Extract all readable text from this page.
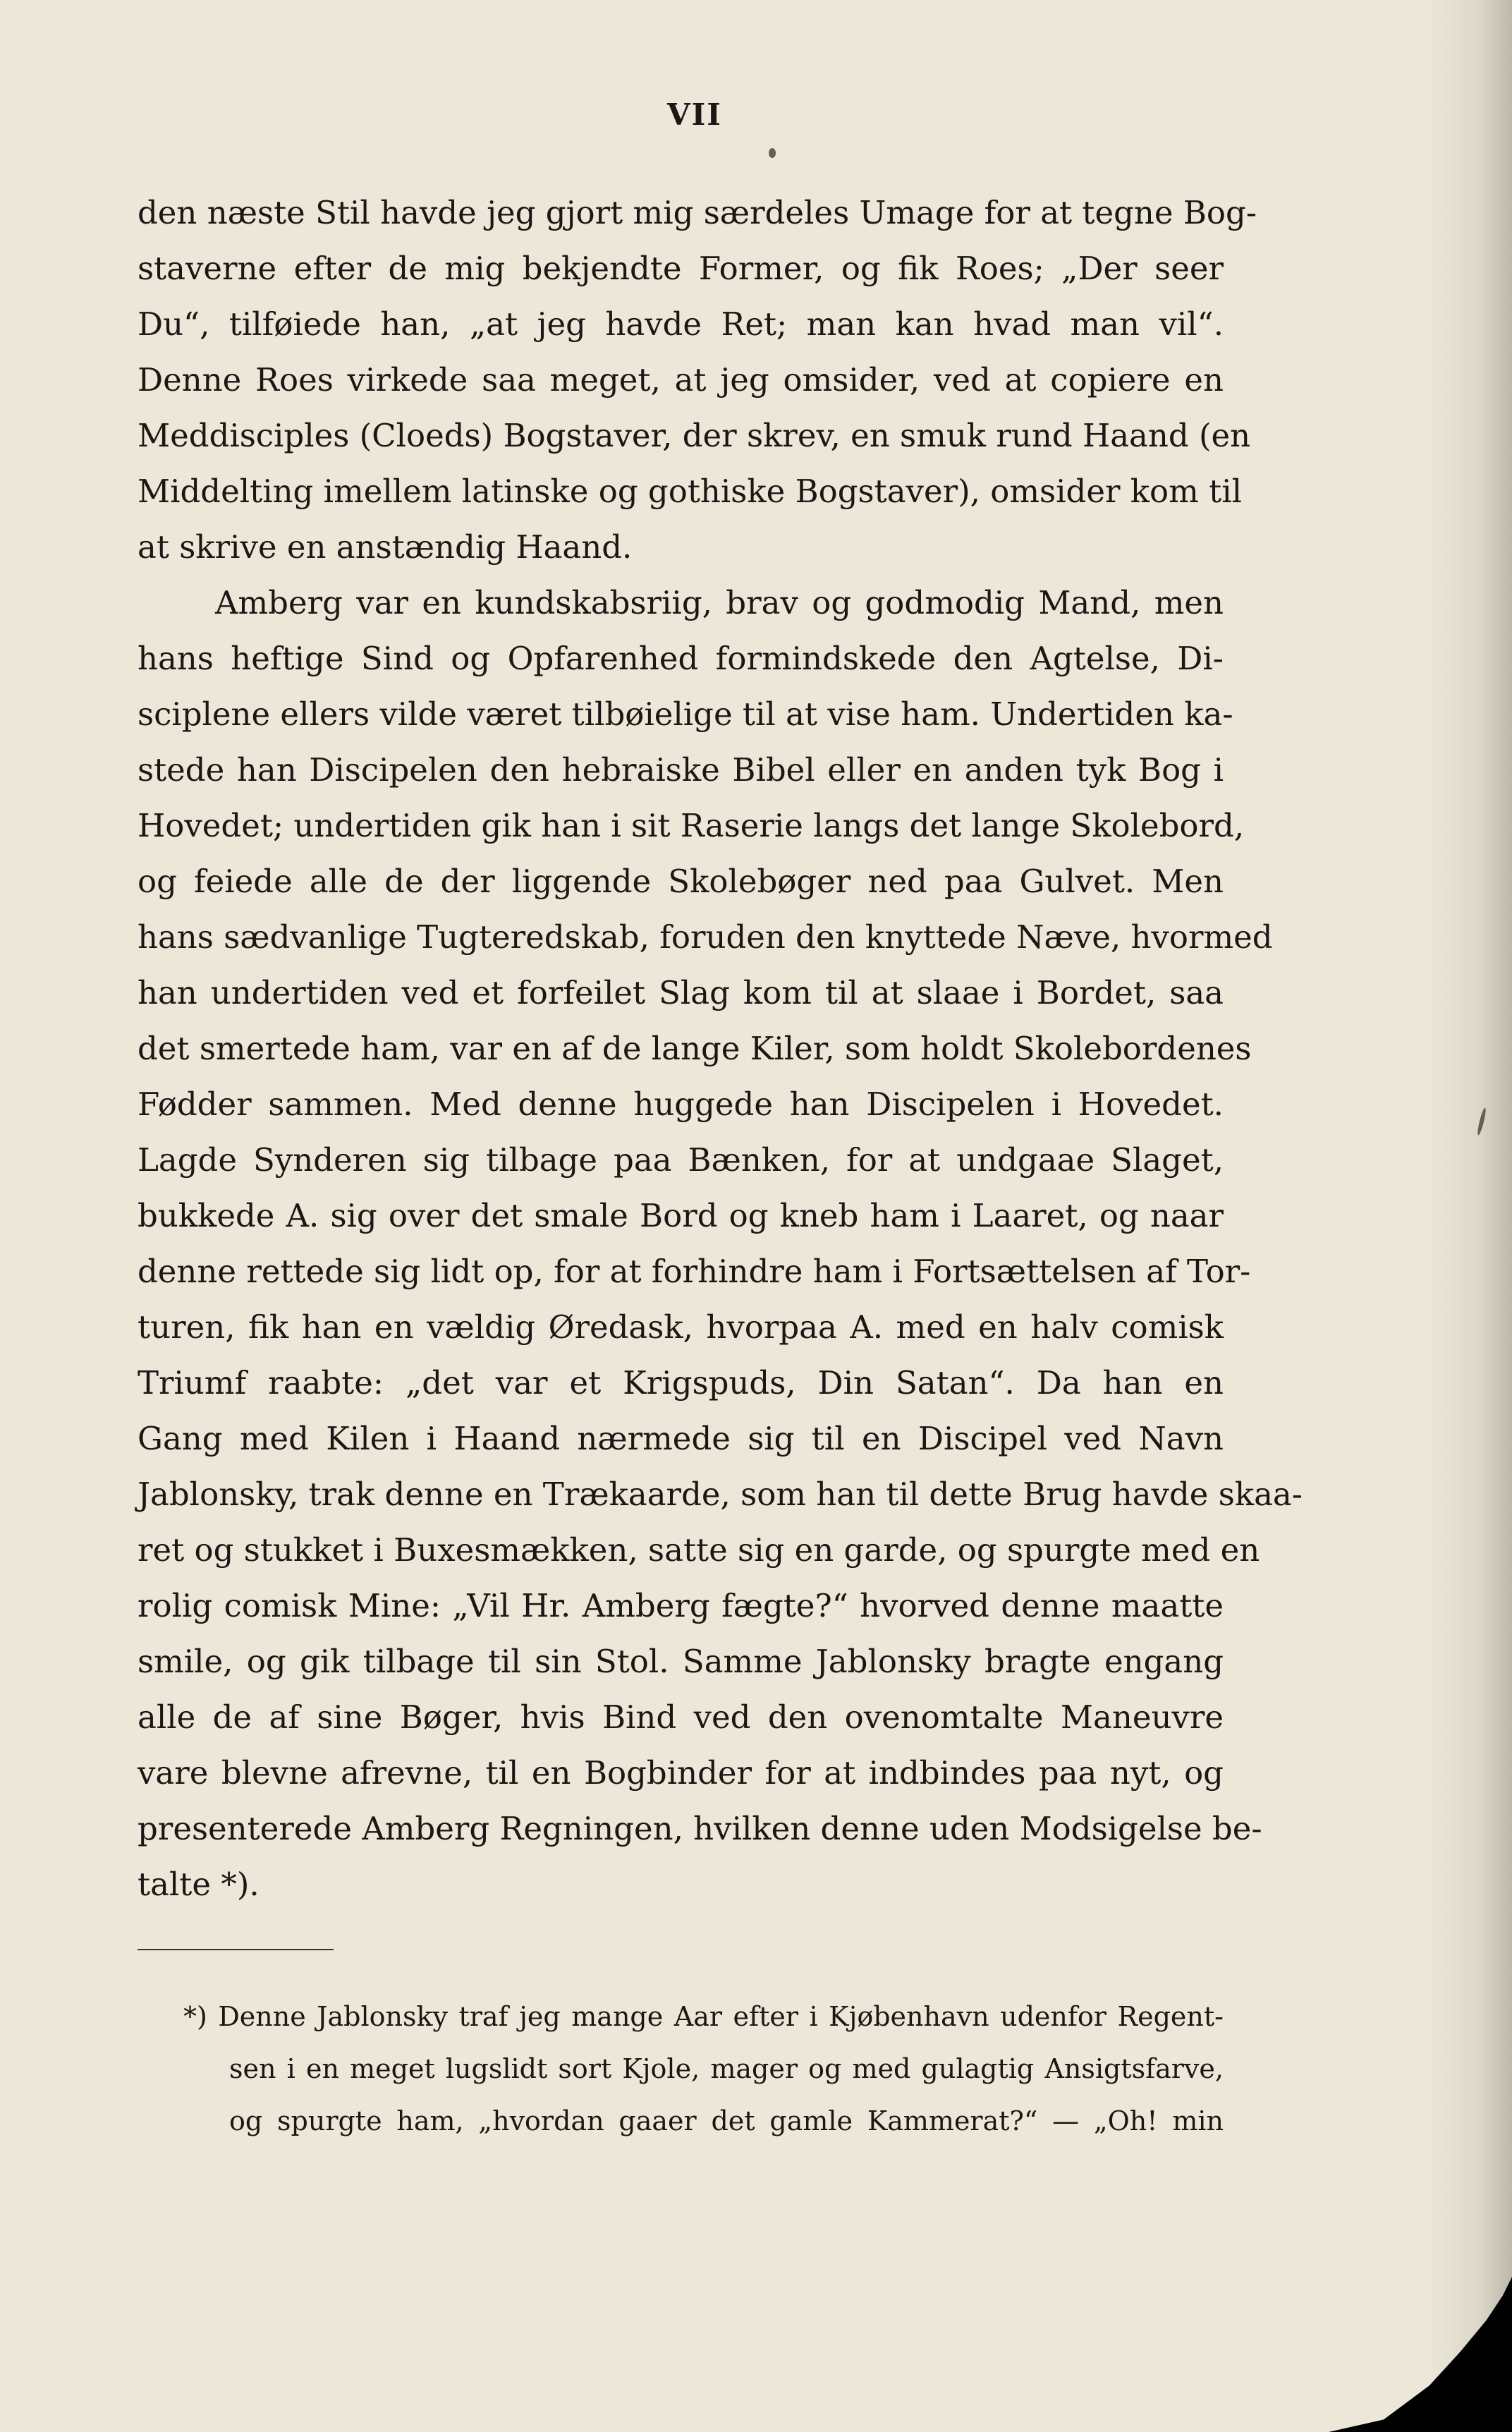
VII
den næste Stil havde jeg gjort mig særdeles Umage for at tegne Bog-
staverne efter de mig bekjendte Former, og fik Roes; „Der seer
Du“, tilføiede han, „at jeg havde Ret; man kan hvad man vil“.
Denne Roes virkede saa meget, at jeg omsider, ved at copiere en
Meddisciples (Cloeds) Bogstaver, der skrev, en smuk rund Haand (en
Middelting imellem latinske og gothiske Bogstaver), omsider kom til
at skrive en anstændig Haand.
Amberg var en kundskabsriig, brav og godmodig Mand, men
hans heftige Sind og Opfarenhed formindskede den Agtelse, Di-
sciplene ellers vilde været tilbøielige til at vise ham. Undertiden ka-
stede han Discipelen den hebraiske Bibel eller en anden tyk Bog i
Hovedet; undertiden gik han i sit Raserie langs det lange Skolebord,
og feiede alle de der liggende Skolebøger ned paa Gulvet. Men
hans sædvanlige Tugteredskab, foruden den knyttede Næve, hvormed
han undertiden ved et forfeilet Slag kom til at slaae i Bordet, saa
det smertede ham, var en af de lange Kiler, som holdt Skolebordenes
Fødder sammen. Med denne huggede han Discipelen i Hovedet.
Lagde Synderen sig tilbage paa Bænken, for at undgaae Slaget,
bukkede A. sig over det smale Bord og kneb ham i Laaret, og naar
denne rettede sig lidt op, for at forhindre ham i Fortsættelsen af Tor-
turen, fik han en vældig Øredask, hvorpaa A. med en halv comisk
Triumf raabte: „det var et Krigspuds, Din Satan“. Da han en
Gang med Kilen i Haand nærmede sig til en Discipel ved Navn
Jablonsky, trak denne en Trækaarde, som han til dette Brug havde skaa-
ret og stukket i Buxesmækken, satte sig en garde, og spurgte med en
rolig comisk Mine: „Vil Hr. Amberg fægte?“ hvorved denne maatte
smile, og gik tilbage til sin Stol. Samme Jablonsky bragte engang
alle de af sine Bøger, hvis Bind ved den ovenomtalte Maneuvre
vare blevne afrevne, til en Bogbinder for at indbindes paa nyt, og
presenterede Amberg Regningen, hvilken denne uden Modsigelse be-
talte *).
*) Denne Jablonsky traf jeg mange Aar efter i Kjøbenhavn udenfor Regent-
sen i en meget lugslidt sort Kjole, mager og med gulagtig Ansigtsfarve,
og spurgte ham, „hvordan gaaer det gamle Kammerat?“ — „Oh! min
